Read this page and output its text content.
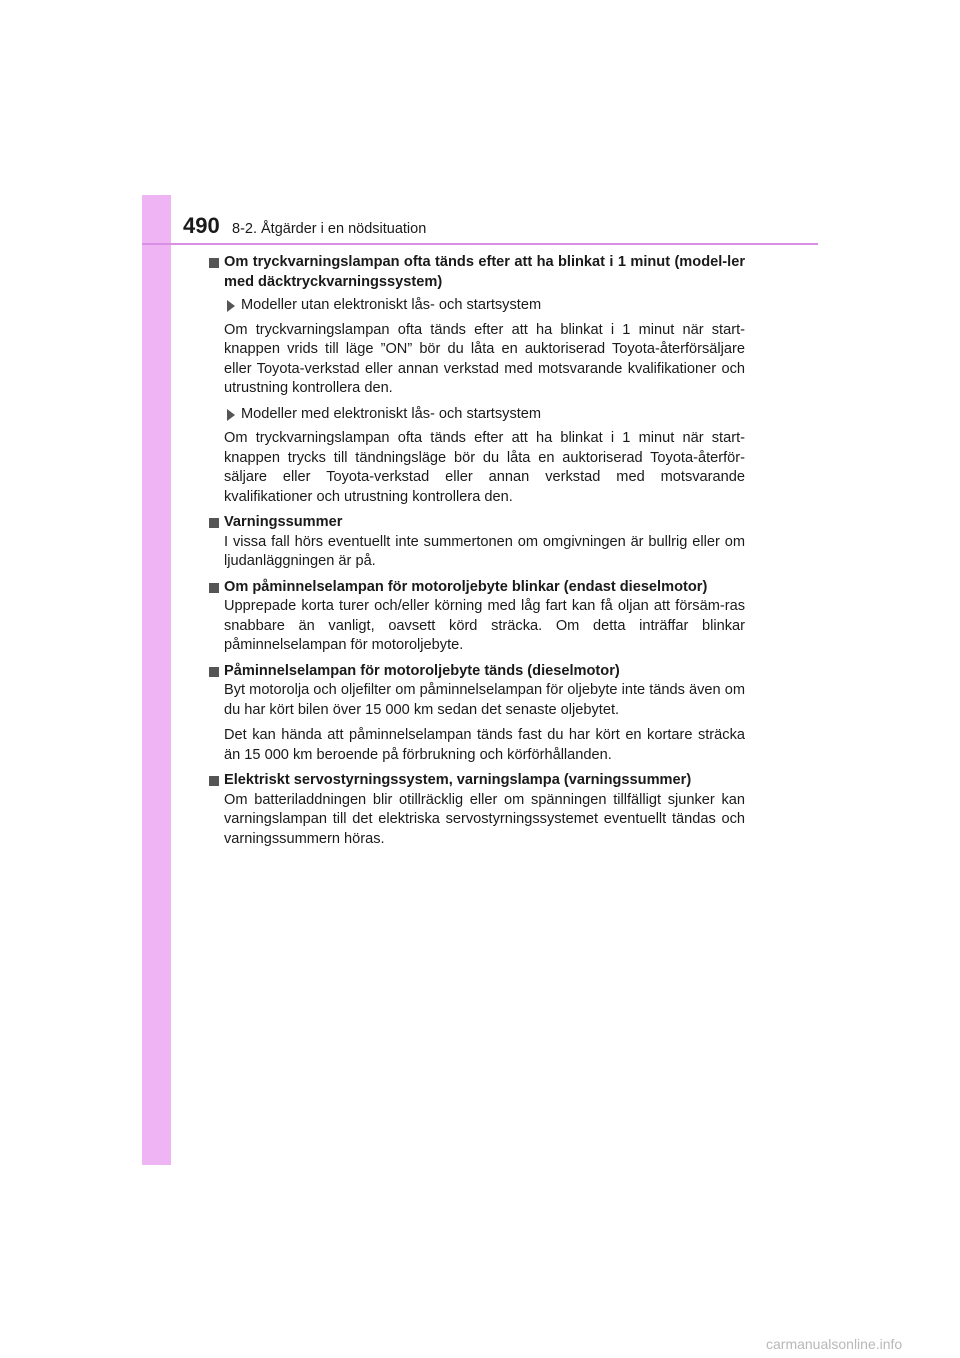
490 8-2. Åtgärder i en nödsituation

Om tryckvarningslampan ofta tänds efter att ha blinkat i 1 minut (model-ler med däcktryckvarningssystem)

Modeller utan elektroniskt lås- och startsystem

Om tryckvarningslampan ofta tänds efter att ha blinkat i 1 minut när start-knappen vrids till läge ”ON” bör du låta en auktoriserad Toyota-återförsäljare eller Toyota-verkstad eller annan verkstad med motsvarande kvalifikationer och utrustning kontrollera den.

Modeller med elektroniskt lås- och startsystem

Om tryckvarningslampan ofta tänds efter att ha blinkat i 1 minut när start-knappen trycks till tändningsläge bör du låta en auktoriserad Toyota-återför-säljare eller Toyota-verkstad eller annan verkstad med motsvarande kvalifikationer och utrustning kontrollera den.

Varningssummer

I vissa fall hörs eventuellt inte summertonen om omgivningen är bullrig eller om ljudanläggningen är på.

Om påminnelselampan för motoroljebyte blinkar (endast dieselmotor)

Upprepade korta turer och/eller körning med låg fart kan få oljan att försäm-ras snabbare än vanligt, oavsett körd sträcka. Om detta inträffar blinkar påminnelselampan för motoroljebyte.

Påminnelselampan för motoroljebyte tänds (dieselmotor)

Byt motorolja och oljefilter om påminnelselampan för oljebyte inte tänds även om du har kört bilen över 15 000 km sedan det senaste oljebytet.

Det kan hända att påminnelselampan tänds fast du har kört en kortare sträcka än 15 000 km beroende på förbrukning och körförhållanden.

Elektriskt servostyrningssystem, varningslampa (varningssummer)

Om batteriladdningen blir otillräcklig eller om spänningen tillfälligt sjunker kan varningslampan till det elektriska servostyrningssystemet eventuellt tändas och varningssummern höras.

carmanualsonline.info
